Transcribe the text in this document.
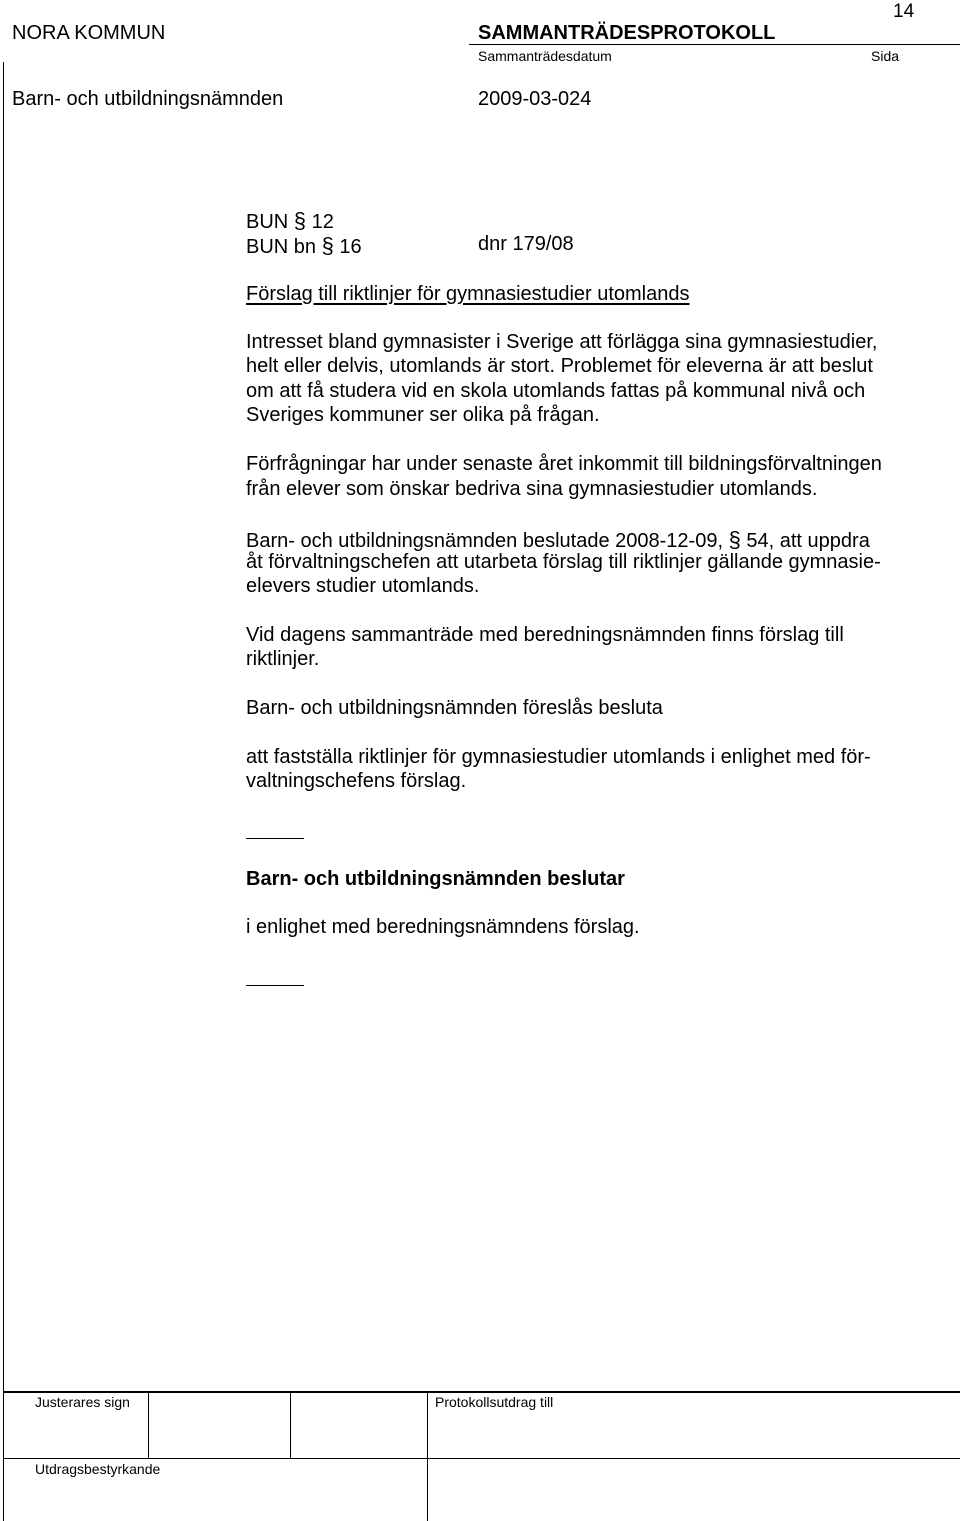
NORA KOMMUN	SAMMANTRÄDESPROTOKOLL
14
Sammanträdesdatum	Sida
Barn- och utbildningsnämnden	2009-03-024
BUN § 12
BUN bn § 16	dnr 179/08
Förslag till riktlinjer för gymnasiestudier utomlands
Intresset bland gymnasister i Sverige att förlägga sina gymnasiestudier,
helt eller delvis, utomlands är stort. Problemet för eleverna är att beslut
om att få studera vid en skola utomlands fattas på kommunal nivå och
Sveriges kommuner ser olika på frågan.
Förfrågningar har under senaste året inkommit till bildningsförvaltningen
från elever som önskar bedriva sina gymnasiestudier utomlands.
Barn- och utbildningsnämnden beslutade 2008-12-09, § 54, att uppdra
åt förvaltningschefen att utarbeta förslag till riktlinjer gällande gymnasie-
elevers studier utomlands.
Vid dagens sammanträde med beredningsnämnden finns förslag till
riktlinjer.
Barn- och utbildningsnämnden föreslås besluta
att fastställa riktlinjer för gymnasiestudier utomlands i enlighet med för-
valtningschefens förslag.
Barn- och utbildningsnämnden beslutar
i enlighet med beredningsnämndens förslag.
Justerares sign	Protokollsutdrag till
Utdragsbestyrkande
